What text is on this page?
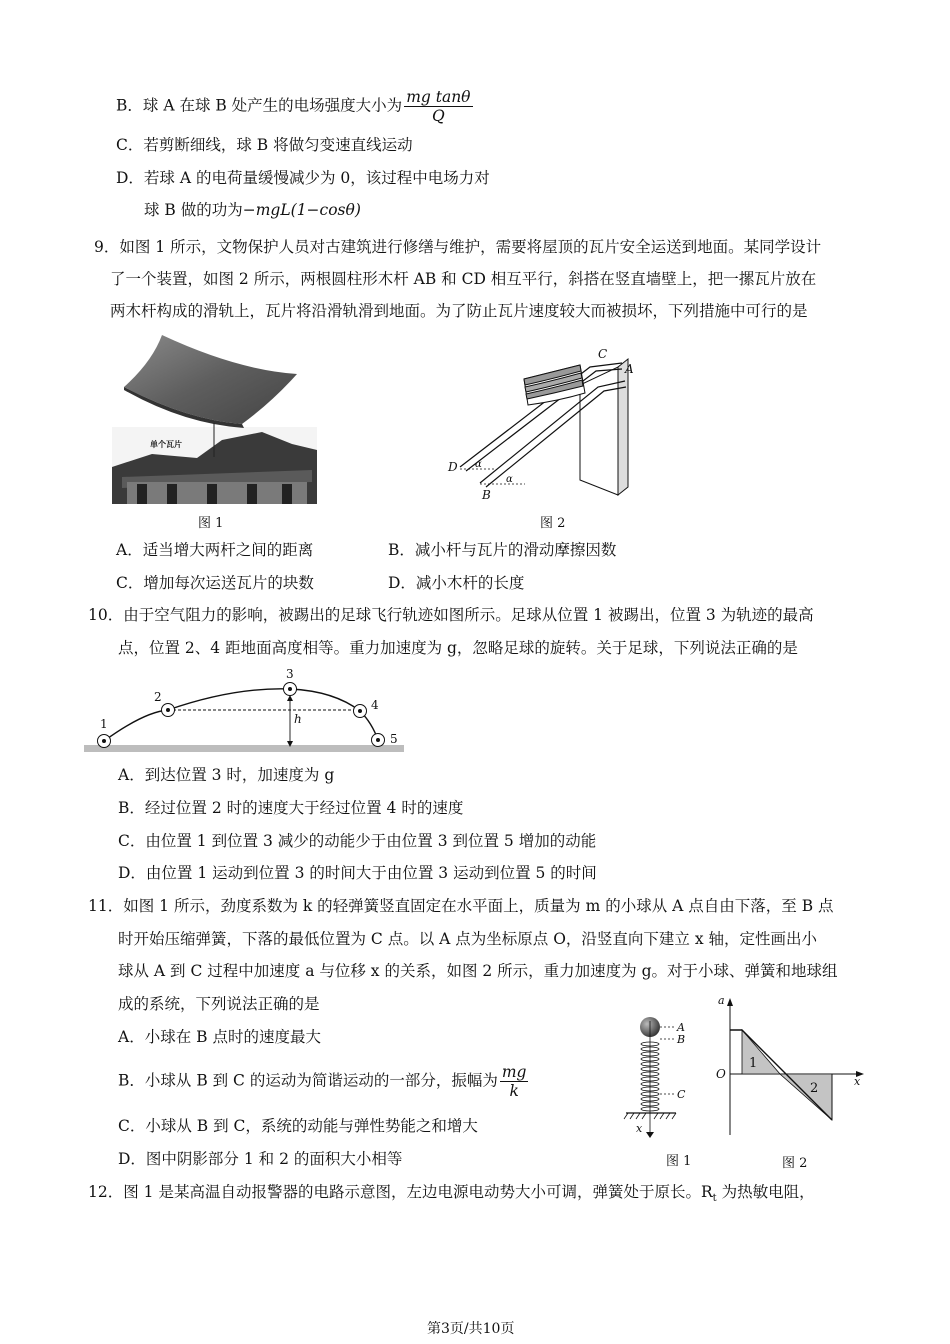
B．球 A 在球 B 处产生的电场强度大小为 $\frac{\text{mg tanθ}}{Q}$
C．若剪断细线，球 B 将做匀变速直线运动
D．若球 A 的电荷量缓慢减少为 0，该过程中电场力对
球 B 做的功为−mgL(1−cosθ)
9．如图 1 所示，文物保护人员对古建筑进行修缮与维护，需要将屋顶的瓦片安全运送到地面。某同学设计
了一个装置，如图 2 所示，两根圆柱形木杆 AB 和 CD 相互平行，斜搭在竖直墙壁上，把一摞瓦片放在
两木杆构成的滑轨上，瓦片将沿滑轨滑到地面。为了防止瓦片速度较大而被损坏，下列措施中可行的是
单个瓦片
图 1
C
A
D
B
α
α
图 2
A．适当增大两杆之间的距离	B．减小杆与瓦片的滑动摩擦因数
C．增加每次运送瓦片的块数	D．减小木杆的长度
10．由于空气阻力的影响，被踢出的足球飞行轨迹如图所示。足球从位置 1 被踢出，位置 3 为轨迹的最高
点，位置 2、4 距地面高度相等。重力加速度为 g，忽略足球的旋转。关于足球，下列说法正确的是
1
2
3
4
5
h
A．到达位置 3 时，加速度为 g
B．经过位置 2 时的速度大于经过位置 4 时的速度
C．由位置 1 到位置 3 减少的动能少于由位置 3 到位置 5 增加的动能
D．由位置 1 运动到位置 3 的时间大于由位置 3 运动到位置 5 的时间
11．如图 1 所示，劲度系数为 k 的轻弹簧竖直固定在水平面上，质量为 m 的小球从 A 点自由下落，至 B 点
时开始压缩弹簧，下落的最低位置为 C 点。以 A 点为坐标原点 O，沿竖直向下建立 x 轴，定性画出小
球从 A 到 C 过程中加速度 a 与位移 x 的关系，如图 2 所示，重力加速度为 g。对于小球、弹簧和地球组
成的系统，下列说法正确的是
A．小球在 B 点时的速度最大
B．小球从 B 到 C 的运动为简谐运动的一部分，振幅为 $\frac{mg}{k}$
C．小球从 B 到 C，系统的动能与弹性势能之和增大
D．图中阴影部分 1 和 2 的面积大小相等
A
B
C
x
图 1
a
O
x
1
2
图 2
12．图 1 是某高温自动报警器的电路示意图，左边电源电动势大小可调，弹簧处于原长。$R_t$ 为热敏电阻，
第3页/共10页
